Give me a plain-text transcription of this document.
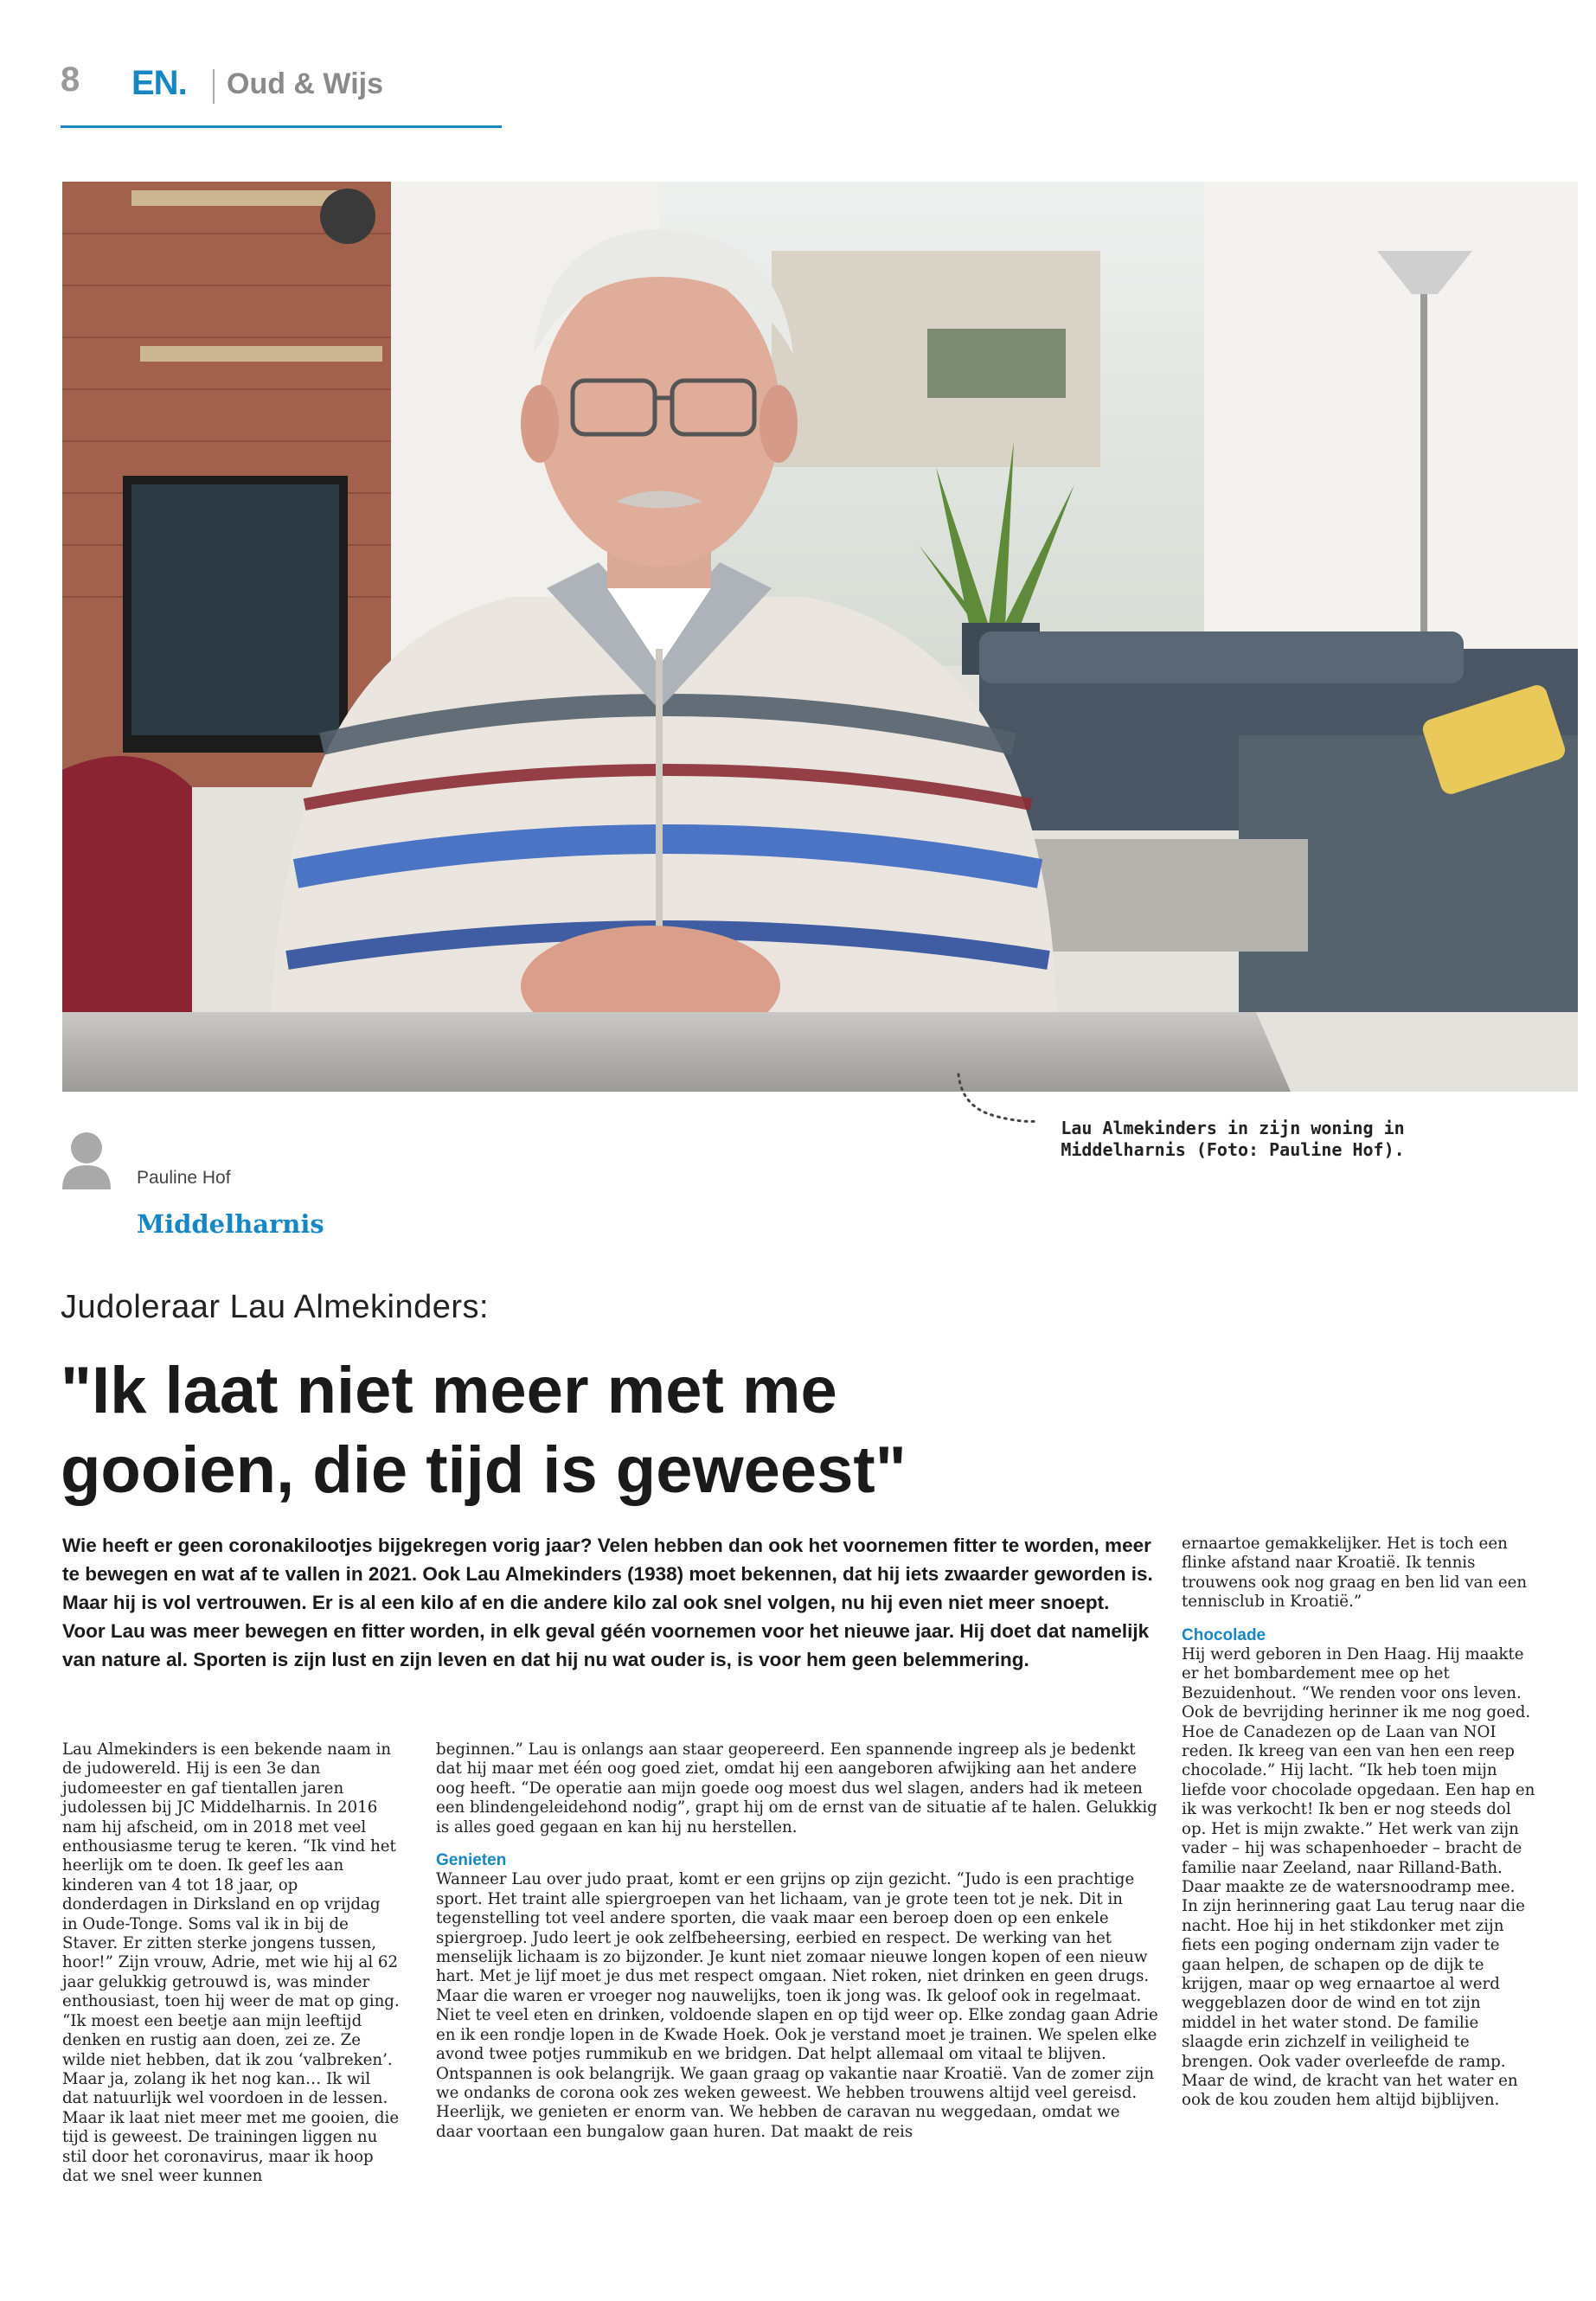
8 EN. Oud & Wijs
Lau Almekinders in zijn woning in
Middelharnis (Foto: Pauline Hof).
Pauline Hof
Middelharnis
Judoleraar Lau Almekinders:
"Ik laat niet meer met me
gooien, die tijd is geweest"
Wie heeft er geen coronakilootjes bijgekregen vorig jaar? Velen hebben dan ook het voornemen fitter te worden, meer te bewegen en wat af te vallen in 2021. Ook Lau Almekinders (1938) moet bekennen, dat hij iets zwaarder geworden is. Maar hij is vol vertrouwen. Er is al een kilo af en die andere kilo zal ook snel volgen, nu hij even niet meer snoept. Voor Lau was meer bewegen en fitter worden, in elk geval géén voornemen voor het nieuwe jaar. Hij doet dat namelijk van nature al. Sporten is zijn lust en zijn leven en dat hij nu wat ouder is, is voor hem geen belemmering.

Lau Almekinders is een bekende naam in de judowereld. Hij is een 3e dan judomeester en gaf tientallen jaren judolessen bij JC Middelharnis. In 2016 nam hij afscheid, om in 2018 met veel enthousiasme terug te keren. “Ik vind het heerlijk om te doen. Ik geef les aan kinderen van 4 tot 18 jaar, op donderdagen in Dirksland en op vrijdag in Oude-Tonge. Soms val ik in bij de Staver. Er zitten sterke jongens tussen, hoor!” Zijn vrouw, Adrie, met wie hij al 62 jaar gelukkig getrouwd is, was minder enthousiast, toen hij weer de mat op ging. “Ik moest een beetje aan mijn leeftijd denken en rustig aan doen, zei ze. Ze wilde niet hebben, dat ik zou ‘valbreken’. Maar ja, zolang ik het nog kan… Ik wil dat natuurlijk wel voordoen in de lessen. Maar ik laat niet meer met me gooien, die tijd is geweest. De trainingen liggen nu stil door het coronavirus, maar ik hoop dat we snel weer kunnen

beginnen.” Lau is onlangs aan staar geopereerd. Een spannende ingreep als je bedenkt dat hij maar met één oog goed ziet, omdat hij een aangeboren afwijking aan het andere oog heeft. “De operatie aan mijn goede oog moest dus wel slagen, anders had ik meteen een blindengeleidehond nodig”, grapt hij om de ernst van de situatie af te halen. Gelukkig is alles goed gegaan en kan hij nu herstellen.

Genieten

Wanneer Lau over judo praat, komt er een grijns op zijn gezicht. “Judo is een prachtige sport. Het traint alle spiergroepen van het lichaam, van je grote teen tot je nek. Dit in tegenstelling tot veel andere sporten, die vaak maar een beroep doen op een enkele spiergroep. Judo leert je ook zelfbeheersing, eerbied en respect. De werking van het menselijk lichaam is zo bijzonder. Je kunt niet zomaar nieuwe longen kopen of een nieuw hart. Met je lijf moet je dus met respect omgaan. Niet roken, niet drinken en geen drugs. Maar die waren er vroeger nog nauwelijks, toen ik jong was. Ik geloof ook in regelmaat. Niet te veel eten en drinken, voldoende slapen en op tijd weer op. Elke zondag gaan Adrie en ik een rondje lopen in de Kwade Hoek. Ook je verstand moet je trainen. We spelen elke avond twee potjes rummikub en we bridgen. Dat helpt allemaal om vitaal te blijven. Ontspannen is ook belangrijk. We gaan graag op vakantie naar Kroatië. Van de zomer zijn we ondanks de corona ook zes weken geweest. We hebben trouwens altijd veel gereisd. Heerlijk, we genieten er enorm van. We hebben de caravan nu weggedaan, omdat we daar voortaan een bungalow gaan huren. Dat maakt de reis

ernaartoe gemakkelijker. Het is toch een flinke afstand naar Kroatië. Ik tennis trouwens ook nog graag en ben lid van een tennisclub in Kroatië.”

Chocolade

Hij werd geboren in Den Haag. Hij maakte er het bombardement mee op het Bezuidenhout. “We renden voor ons leven. Ook de bevrijding herinner ik me nog goed. Hoe de Canadezen op de Laan van NOI reden. Ik kreeg van een van hen een reep chocolade.” Hij lacht. “Ik heb toen mijn liefde voor chocolade opgedaan. Een hap en ik was verkocht! Ik ben er nog steeds dol op. Het is mijn zwakte.” Het werk van zijn vader – hij was schapenhoeder – bracht de familie naar Zeeland, naar Rilland-Bath. Daar maakte ze de watersnoodramp mee. In zijn herinnering gaat Lau terug naar die nacht. Hoe hij in het stikdonker met zijn fiets een poging ondernam zijn vader te gaan helpen, de schapen op de dijk te krijgen, maar op weg ernaartoe al werd weggeblazen door de wind en tot zijn middel in het water stond. De familie slaagde erin zichzelf in veiligheid te brengen. Ook vader overleefde de ramp. Maar de wind, de kracht van het water en ook de kou zouden hem altijd bijblijven.
